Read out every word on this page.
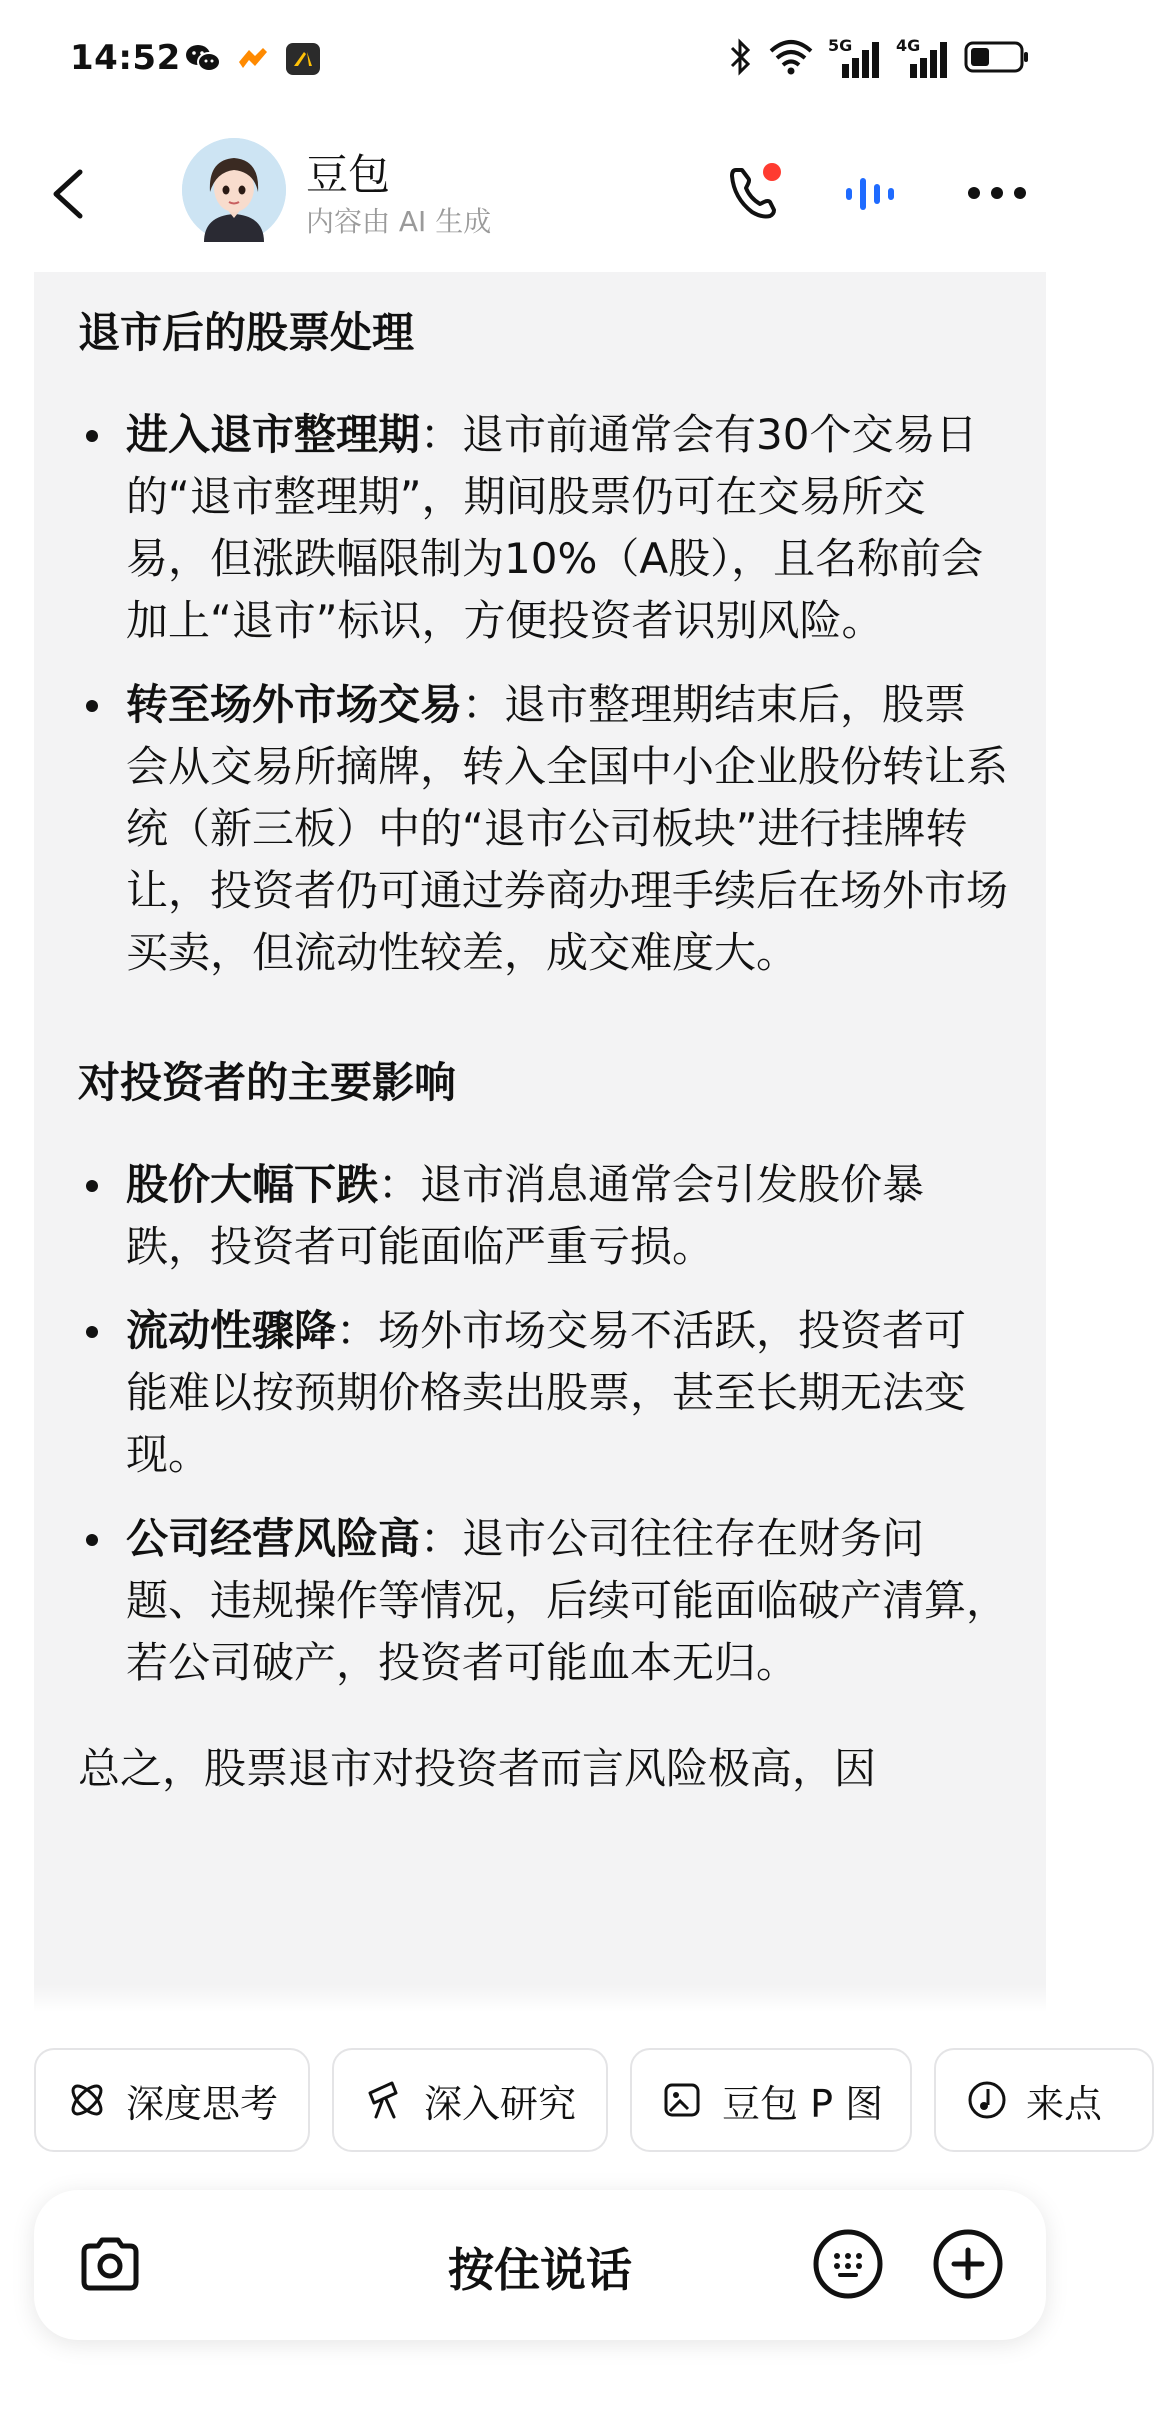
14:52	5G	4G
豆包
内容由 AI 生成
退市后的股票处理
进入退市整理期：退市前通常会有30个交易日的“退市整理期”，期间股票仍可在交易所交易，但涨跌幅限制为10%（A股），且名称前会加上“退市”标识，方便投资者识别风险。
转至场外市场交易：退市整理期结束后，股票会从交易所摘牌，转入全国中小企业股份转让系统（新三板）中的“退市公司板块”进行挂牌转让，投资者仍可通过券商办理手续后在场外市场买卖，但流动性较差，成交难度大。
对投资者的主要影响
股价大幅下跌：退市消息通常会引发股价暴跌，投资者可能面临严重亏损。
流动性骤降：场外市场交易不活跃，投资者可能难以按预期价格卖出股票，甚至长期无法变现。
公司经营风险高：退市公司往往存在财务问题、违规操作等情况，后续可能面临破产清算，若公司破产，投资者可能血本无归。
总之，股票退市对投资者而言风险极高，因
深度思考	深入研究	豆包 P 图	来点
按住说话
